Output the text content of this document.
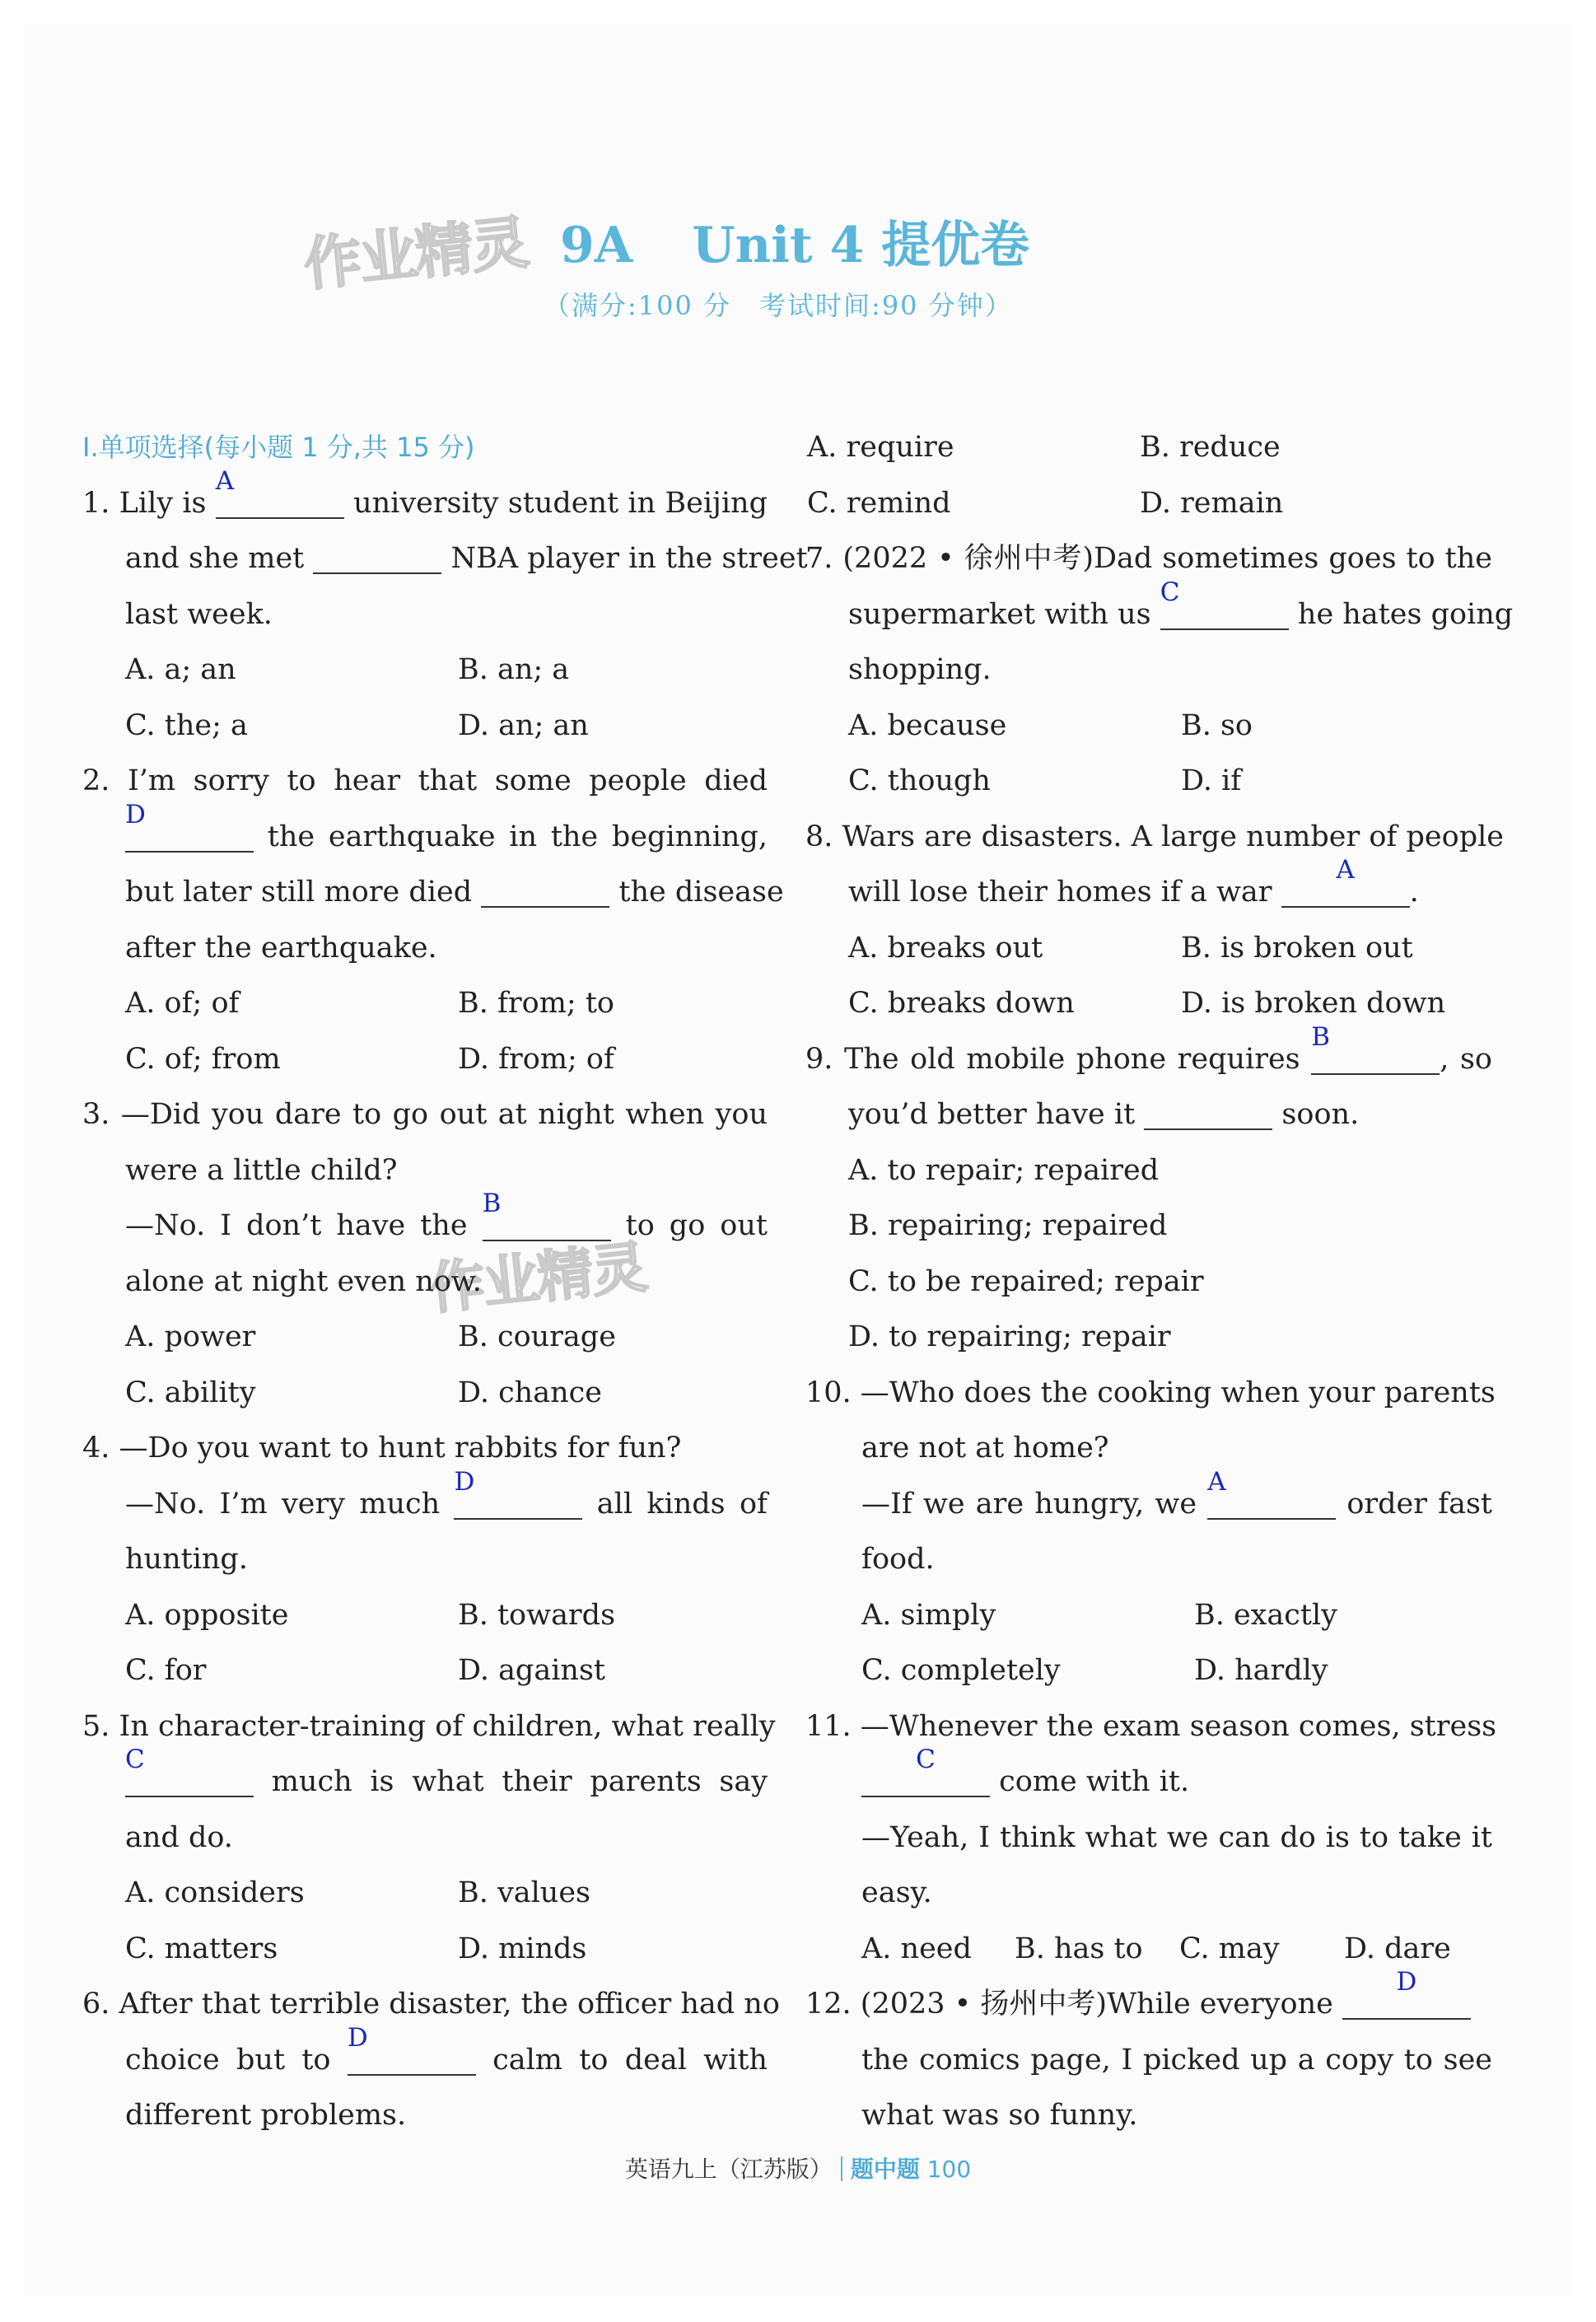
作业精灵
作业精灵
9A Unit 4 提优卷
（满分:100 分　考试时间:90 分钟）
Ⅰ.单项选择(每小题 1 分,共 15 分)
1. Lily is
A
university student in Beijing
and she met	NBA player in the street
last week.
A. a; an	B. an; a
C. the; a	D. an; an
2. I’m sorry to hear that some people died
D
the earthquake in the beginning,
but later still more died	the disease
after the earthquake.
A. of; of	B. from; to
C. of; from	D. from; of
3. —Did you dare to go out at night when you
were a little child?
—No. I don’t have the
B
to go out
alone at night even now.
A. power	B. courage
C. ability	D. chance
4. —Do you want to hunt rabbits for fun?
—No. I’m very much
D
all kinds of
hunting.
A. opposite	B. towards
C. for	D. against
5. In character-training of children, what really
C
much is what their parents say
and do.
A. considers	B. values
C. matters	D. minds
6. After that terrible disaster, the officer had no
choice but to
D
calm to deal with
different problems.
A. require	B. reduce
C. remind	D. remain
7. (2022 • 徐州中考)Dad sometimes goes to the
supermarket with us
C
he hates going
shopping.
A. because	B. so
C. though	D. if
8. Wars are disasters. A large number of people
will lose their homes if a war
A
.
A. breaks out	B. is broken out
C. breaks down	D. is broken down
9. The old mobile phone requires
B
, so
you’d better have it	soon.
A. to repair; repaired
B. repairing; repaired
C. to be repaired; repair
D. to repairing; repair
10. —Who does the cooking when your parents
are not at home?
—If we are hungry, we
A
order fast
food.
A. simply	B. exactly
C. completely	D. hardly
11. —Whenever the exam season comes, stress
C
come with it.
—Yeah, I think what we can do is to take it
easy.
A. need B. has to C. may D. dare
12. (2023 • 扬州中考)While everyone
D
the comics page, I picked up a copy to see
what was so funny.
英语九上（江苏版） 题中题 100
